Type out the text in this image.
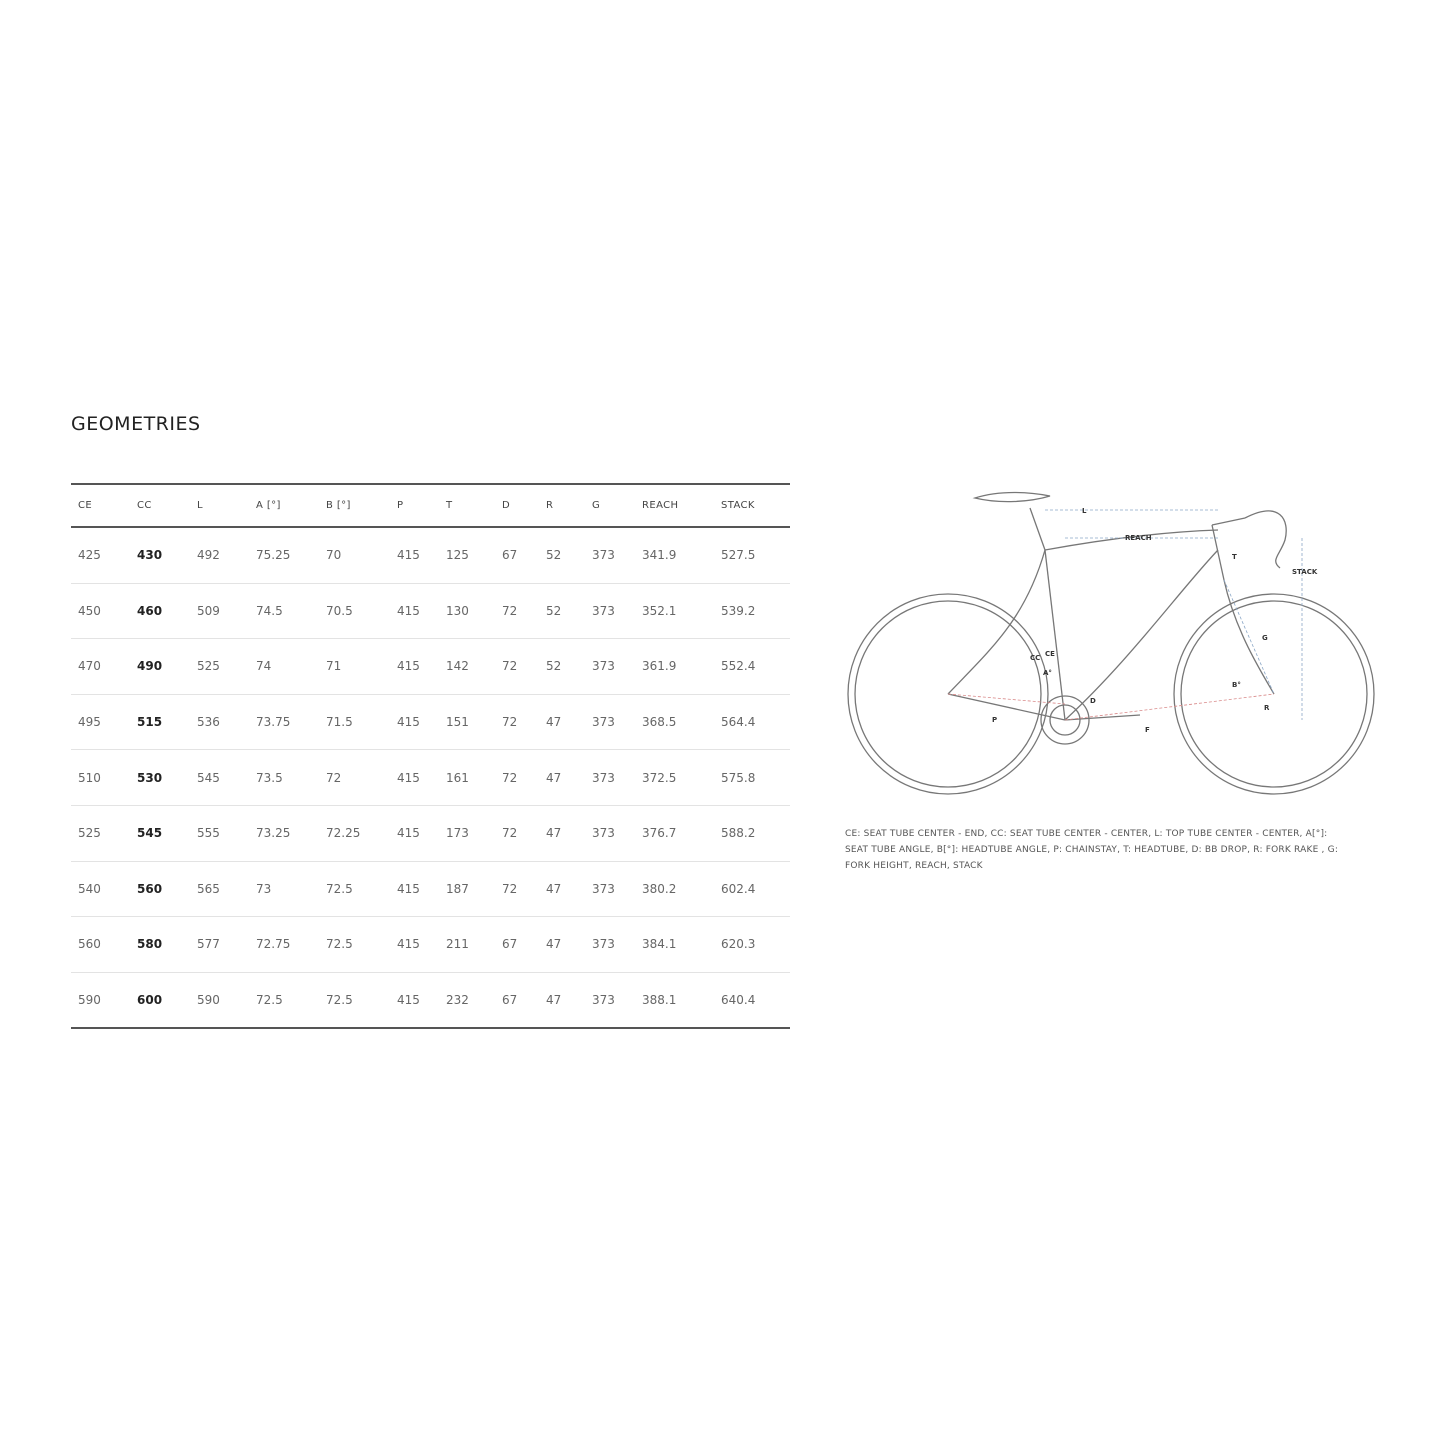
GEOMETRIES
CE	CC	L	A [°]	B [°]	P	T	D	R	G	REACH	STACK
425	430	492	75.25	70	415	125	67	52	373	341.9	527.5
450	460	509	74.5	70.5	415	130	72	52	373	352.1	539.2
470	490	525	74	71	415	142	72	52	373	361.9	552.4
495	515	536	73.75	71.5	415	151	72	47	373	368.5	564.4
510	530	545	73.5	72	415	161	72	47	373	372.5	575.8
525	545	555	73.25	72.25	415	173	72	47	373	376.7	588.2
540	560	565	73	72.5	415	187	72	47	373	380.2	602.4
560	580	577	72.75	72.5	415	211	67	47	373	384.1	620.3
590	600	590	72.5	72.5	415	232	67	47	373	388.1	640.4
L
REACH
STACK
T
G
CC CE
A°
B°
P
F
D
R
CE: SEAT TUBE CENTER - END, CC: SEAT TUBE CENTER - CENTER, L: TOP TUBE CENTER - CENTER, A[°]: SEAT TUBE ANGLE, B[°]: HEADTUBE ANGLE, P: CHAINSTAY, T: HEADTUBE, D: BB DROP, R: FORK RAKE , G: FORK HEIGHT, REACH, STACK
